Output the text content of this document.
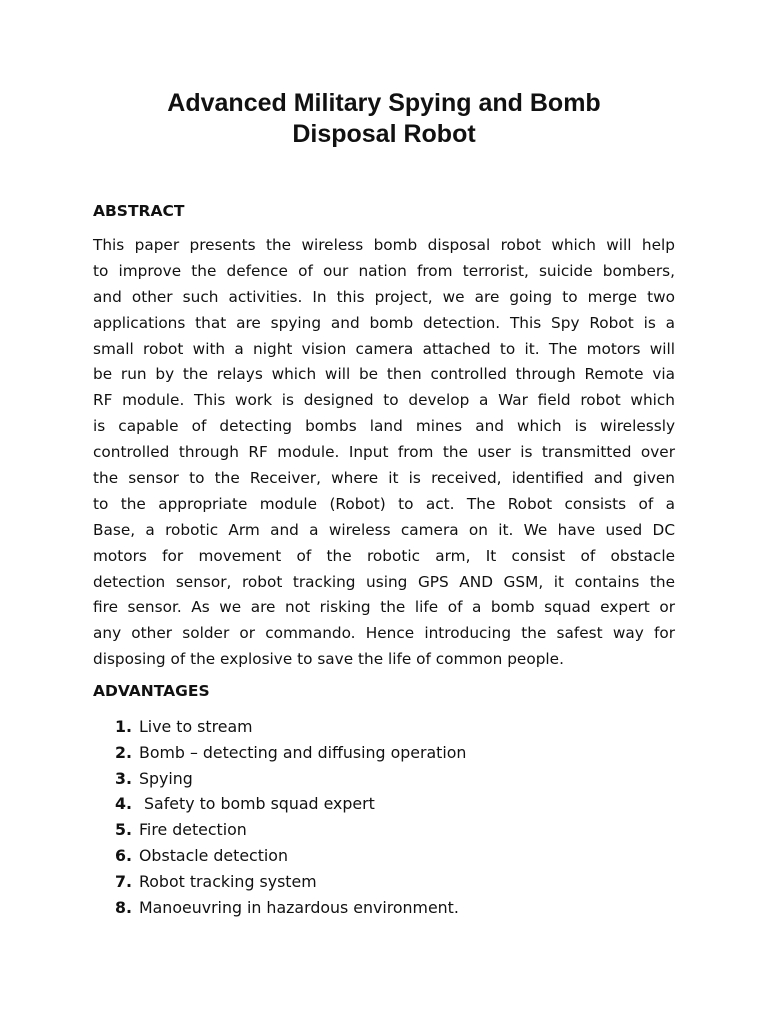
Advanced Military Spying and Bomb
Disposal Robot
ABSTRACT
This paper presents the wireless bomb disposal robot which will help
to improve the defence of our nation from terrorist, suicide bombers,
and other such activities. In this project, we are going to merge two
applications that are spying and bomb detection. This Spy Robot is a
small robot with a night vision camera attached to it. The motors will
be run by the relays which will be then controlled through Remote via
RF module. This work is designed to develop a War field robot which
is capable of detecting bombs land mines and which is wirelessly
controlled through RF module. Input from the user is transmitted over
the sensor to the Receiver, where it is received, identified and given
to the appropriate module (Robot) to act. The Robot consists of a
Base, a robotic Arm and a wireless camera on it. We have used DC
motors for movement of the robotic arm, It consist of obstacle
detection sensor, robot tracking using GPS AND GSM, it contains the
fire sensor. As we are not risking the life of a bomb squad expert or
any other solder or commando. Hence introducing the safest way for
disposing of the explosive to save the life of common people.
ADVANTAGES
1. Live to stream
2. Bomb – detecting and diffusing operation
3. Spying
4. Safety to bomb squad expert
5. Fire detection
6. Obstacle detection
7. Robot tracking system
8. Manoeuvring in hazardous environment.
